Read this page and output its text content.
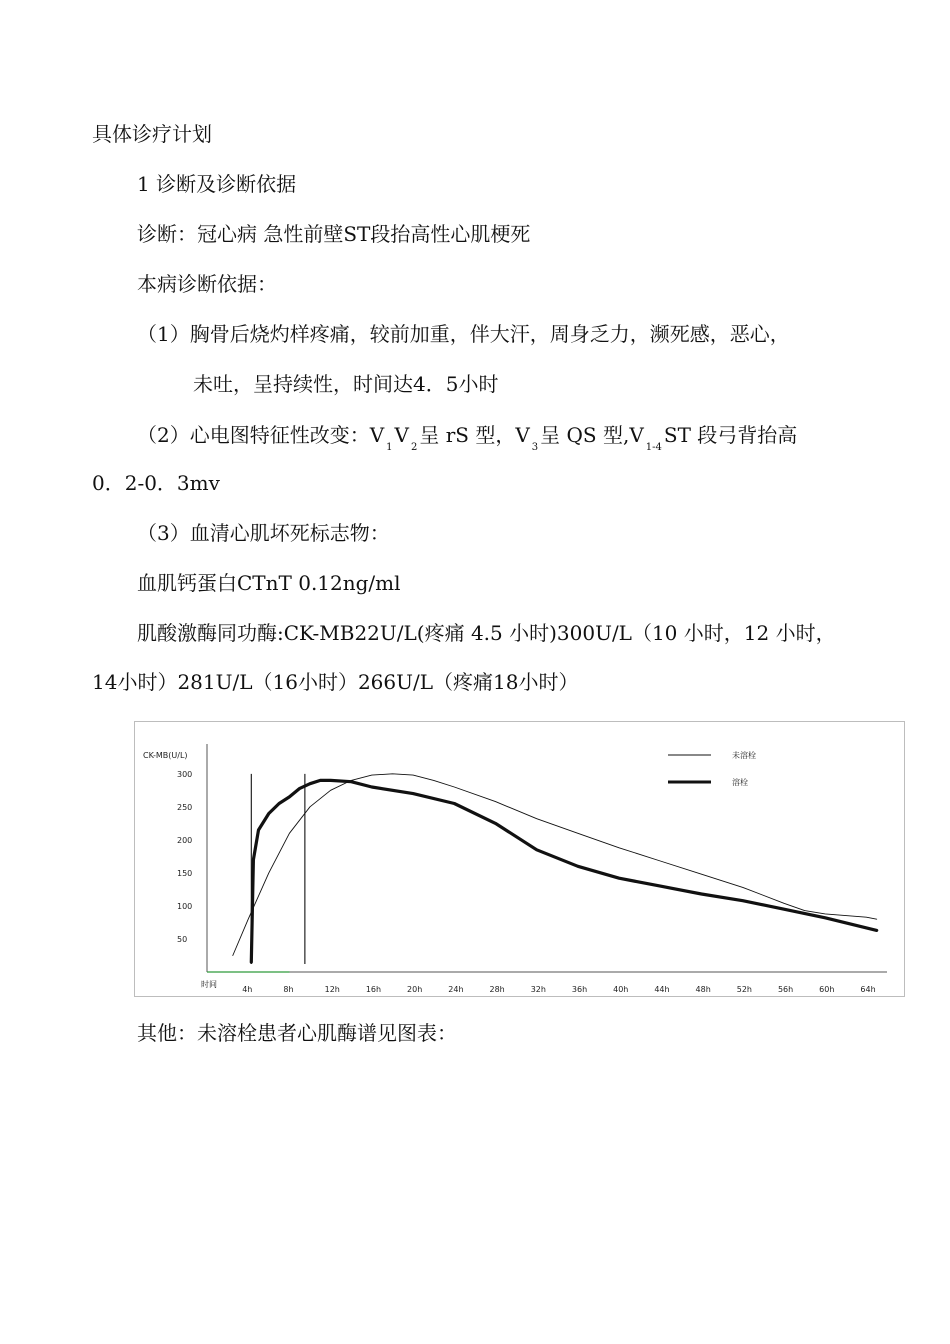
具体诊疗计划
1 诊断及诊断依据
诊断：冠心病 急性前壁ST段抬高性心肌梗死
本病诊断依据：
（1）胸骨后烧灼样疼痛，较前加重，伴大汗，周身乏力，濒死感，恶心，
未吐，呈持续性，时间达4．5小时
（2）心电图特征性改变：$V_1V_2$呈 rS 型，$V_3$呈 QS 型$,V_{1-4}ST$ 段弓背抬高
0．2-0．3mv
（3）血清心肌坏死标志物：
血肌钙蛋白CTnT 0.12ng/ml
肌酸激酶同功酶:CK-MB22U/L(疼痛 4.5 小时)300U/L（10 小时，12 小时，
14小时）281U/L（16小时）266U/L（疼痛18小时）
CK-MB(U/L)
50
100
150
200
250
300
时间
4h	8h	12h	16h	20h	24h	28h	32h	36h	40h	44h	48h	52h	56h	60h	64h
未溶栓
溶栓
其他：未溶栓患者心肌酶谱见图表：
